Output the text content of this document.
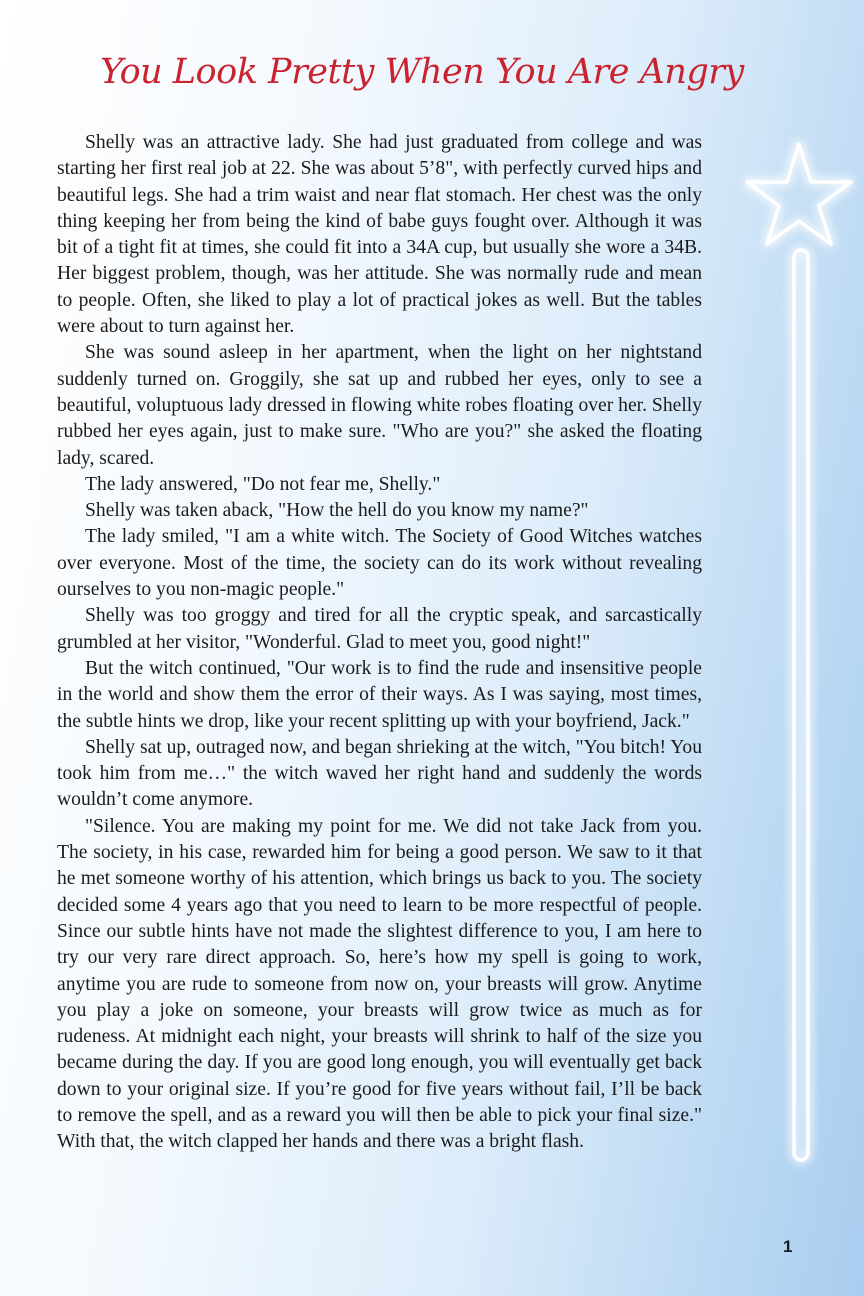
You Look Pretty When You Are Angry

Shelly was an attractive lady. She had just graduated from college and was starting her first real job at 22. She was about 5’8", with perfectly curved hips and beautiful legs. She had a trim waist and near flat stomach. Her chest was the only thing keeping her from being the kind of babe guys fought over. Although it was bit of a tight fit at times, she could fit into a 34A cup, but usually she wore a 34B. Her biggest problem, though, was her attitude. She was normally rude and mean to people. Often, she liked to play a lot of practical jokes as well. But the tables were about to turn against her.

She was sound asleep in her apartment, when the light on her nightstand suddenly turned on. Groggily, she sat up and rubbed her eyes, only to see a beautiful, voluptuous lady dressed in flowing white robes floating over her. Shelly rubbed her eyes again, just to make sure. "Who are you?" she asked the floating lady, scared.

The lady answered, "Do not fear me, Shelly."

Shelly was taken aback, "How the hell do you know my name?"

The lady smiled, "I am a white witch. The Society of Good Witches watches over everyone. Most of the time, the society can do its work without revealing ourselves to you non-magic people."

Shelly was too groggy and tired for all the cryptic speak, and sarcastically grumbled at her visitor, "Wonderful. Glad to meet you, good night!"

But the witch continued, "Our work is to find the rude and insensitive people in the world and show them the error of their ways. As I was saying, most times, the subtle hints we drop, like your recent splitting up with your boyfriend, Jack."

Shelly sat up, outraged now, and began shrieking at the witch, "You bitch! You took him from me…" the witch waved her right hand and suddenly the words wouldn’t come anymore.

"Silence. You are making my point for me. We did not take Jack from you. The society, in his case, rewarded him for being a good person. We saw to it that he met someone worthy of his attention, which brings us back to you. The society decided some 4 years ago that you need to learn to be more respectful of people. Since our subtle hints have not made the slightest difference to you, I am here to try our very rare direct approach. So, here’s how my spell is going to work, anytime you are rude to someone from now on, your breasts will grow. Anytime you play a joke on someone, your breasts will grow twice as much as for rudeness. At midnight each night, your breasts will shrink to half of the size you became during the day. If you are good long enough, you will eventually get back down to your original size. If you’re good for five years without fail, I’ll be back to remove the spell, and as a reward you will then be able to pick your final size." With that, the witch clapped her hands and there was a bright flash.

1
